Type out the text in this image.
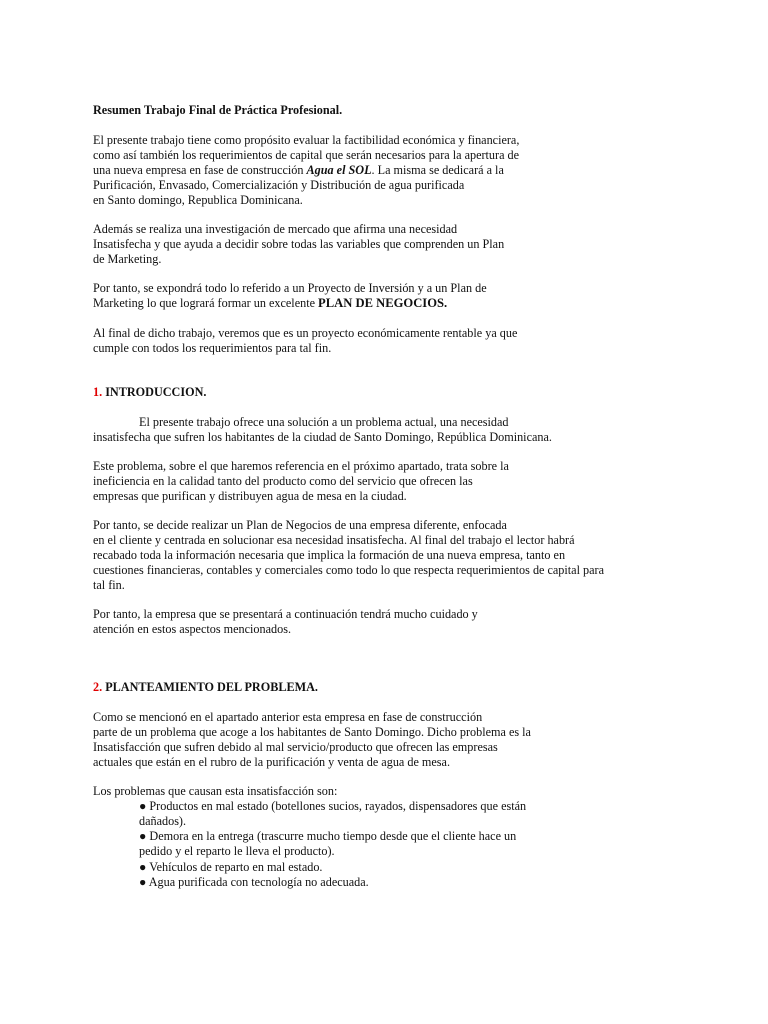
Resumen Trabajo Final de Práctica Profesional.
El presente trabajo tiene como propósito evaluar la factibilidad económica y financiera,
como así también los requerimientos de capital que serán necesarios para la apertura de
una nueva empresa en fase de construcción Agua el SOL. La misma se dedicará a la
Purificación, Envasado, Comercialización y Distribución de agua purificada
en Santo domingo, Republica Dominicana.
Además se realiza una investigación de mercado que afirma una necesidad
Insatisfecha y que ayuda a decidir sobre todas las variables que comprenden un Plan
de Marketing.
Por tanto, se expondrá todo lo referido a un Proyecto de Inversión y a un Plan de
Marketing lo que logrará formar un excelente PLAN DE NEGOCIOS.
Al final de dicho trabajo, veremos que es un proyecto económicamente rentable ya que
cumple con todos los requerimientos para tal fin.
1. INTRODUCCION.
El presente trabajo ofrece una solución a un problema actual, una necesidad
insatisfecha que sufren los habitantes de la ciudad de Santo Domingo, República Dominicana.
Este problema, sobre el que haremos referencia en el próximo apartado, trata sobre la
ineficiencia en la calidad tanto del producto como del servicio que ofrecen las
empresas que purifican y distribuyen agua de mesa en la ciudad.
Por tanto, se decide realizar un Plan de Negocios de una empresa diferente, enfocada
en el cliente y centrada en solucionar esa necesidad insatisfecha. Al final del trabajo el lector habrá
recabado toda la información necesaria que implica la formación de una nueva empresa, tanto en
cuestiones financieras, contables y comerciales como todo lo que respecta requerimientos de capital para
tal fin.
Por tanto, la empresa que se presentará a continuación tendrá mucho cuidado y
atención en estos aspectos mencionados.
2. PLANTEAMIENTO DEL PROBLEMA.
Como se mencionó en el apartado anterior esta empresa en fase de construcción
parte de un problema que acoge a los habitantes de Santo Domingo. Dicho problema es la
Insatisfacción que sufren debido al mal servicio/producto que ofrecen las empresas
actuales que están en el rubro de la purificación y venta de agua de mesa.
Los problemas que causan esta insatisfacción son:
● Productos en mal estado (botellones sucios, rayados, dispensadores que están
dañados).
● Demora en la entrega (trascurre mucho tiempo desde que el cliente hace un
pedido y el reparto le lleva el producto).
● Vehículos de reparto en mal estado.
● Agua purificada con tecnología no adecuada.
